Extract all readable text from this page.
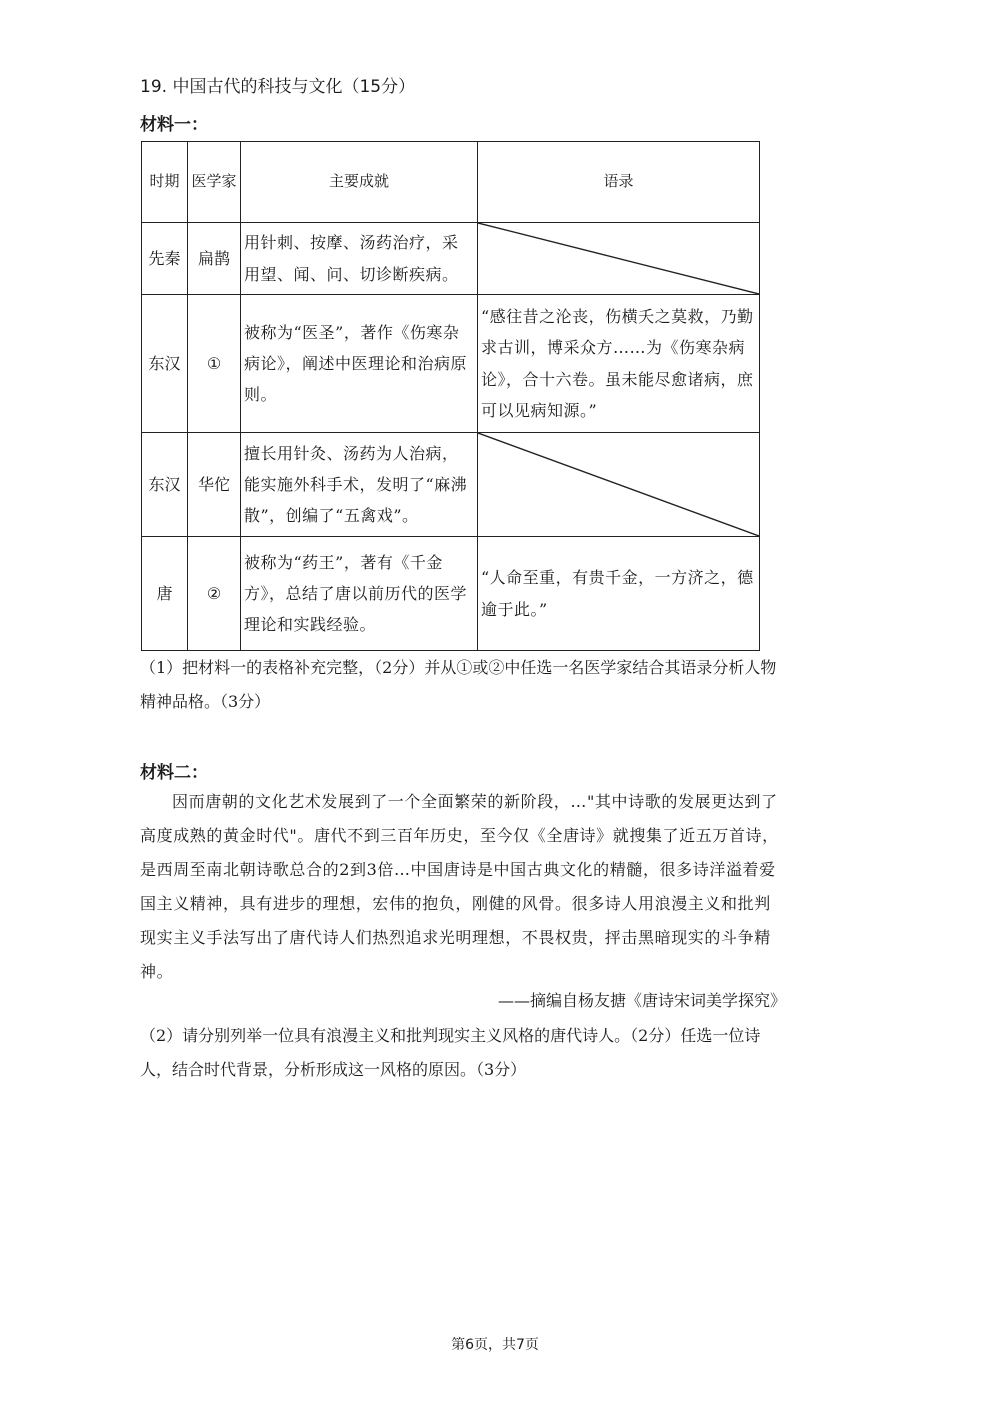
19. 中国古代的科技与文化（15分）
材料一：
时期	医学家	主要成就	语录
先秦	扁鹊	用针刺、按摩、汤药治疗，采用望、闻、问、切诊断疾病。	

东汉	①	被称为“医圣”，著作《伤寒杂病论》，阐述中医理论和治病原则。	“感往昔之沦丧，伤横夭之莫救，乃勤求古训，博采众方……为《伤寒杂病论》，合十六卷。虽未能尽愈诸病，庶可以见病知源。”
东汉	华佗	擅长用针灸、汤药为人治病，能实施外科手术，发明了“麻沸散”，创编了“五禽戏”。	

唐	②	被称为“药王”，著有《千金方》，总结了唐以前历代的医学理论和实践经验。	“人命至重，有贵千金，一方济之，德逾于此。”
（1）把材料一的表格补充完整，（2分）并从①或②中任选一名医学家结合其语录分析人物精神品格。（3分）
材料二：
因而唐朝的文化艺术发展到了一个全面繁荣的新阶段，…"其中诗歌的发展更达到了高度成熟的黄金时代"。唐代不到三百年历史，至今仅《全唐诗》就搜集了近五万首诗，是西周至南北朝诗歌总合的2到3倍…中国唐诗是中国古典文化的精髓，很多诗洋溢着爱国主义精神，具有进步的理想，宏伟的抱负，刚健的风骨。很多诗人用浪漫主义和批判现实主义手法写出了唐代诗人们热烈追求光明理想，不畏权贵，抨击黑暗现实的斗争精神。
——摘编自杨友搪《唐诗宋词美学探究》
（2）请分别列举一位具有浪漫主义和批判现实主义风格的唐代诗人。（2分）任选一位诗人，结合时代背景，分析形成这一风格的原因。（3分）
第6页，共7页
